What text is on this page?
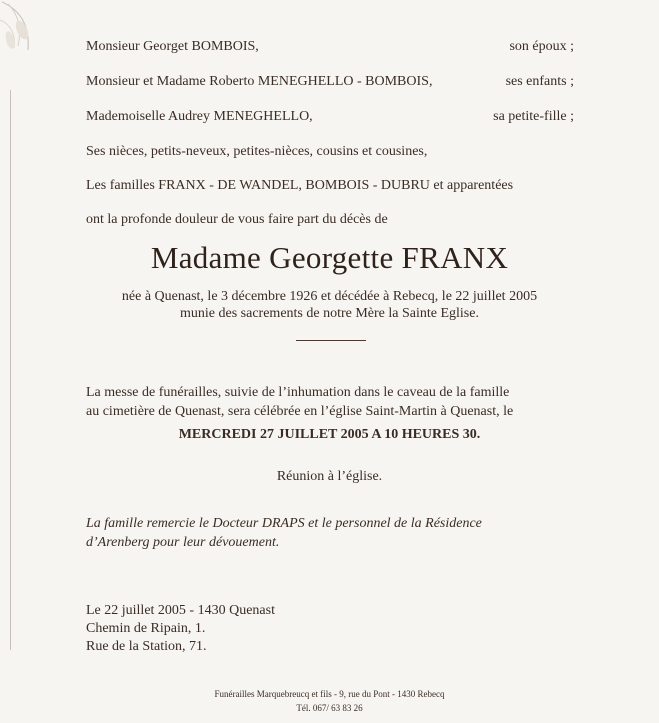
Monsieur Georget BOMBOIS,	son époux ;
Monsieur et Madame Roberto MENEGHELLO - BOMBOIS,	ses enfants ;
Mademoiselle Audrey MENEGHELLO,	sa petite-fille ;
Ses nièces, petits-neveux, petites-nièces, cousins et cousines,
Les familles FRANX - DE WANDEL, BOMBOIS - DUBRU et apparentées
ont la profonde douleur de vous faire part du décès de
Madame Georgette FRANX
née à Quenast, le 3 décembre 1926 et décédée à Rebecq, le 22 juillet 2005
munie des sacrements de notre Mère la Sainte Eglise.
La messe de funérailles, suivie de l’inhumation dans le caveau de la famille
au cimetière de Quenast, sera célébrée en l’église Saint-Martin à Quenast, le
MERCREDI 27 JUILLET 2005 A 10 HEURES 30.
Réunion à l’église.
La famille remercie le Docteur DRAPS et le personnel de la Résidence
d’Arenberg pour leur dévouement.
Le 22 juillet 2005 - 1430 Quenast
Chemin de Ripain, 1.
Rue de la Station, 71.
Funérailles Marquebreucq et fils - 9, rue du Pont - 1430 Rebecq
Tél. 067/ 63 83 26
